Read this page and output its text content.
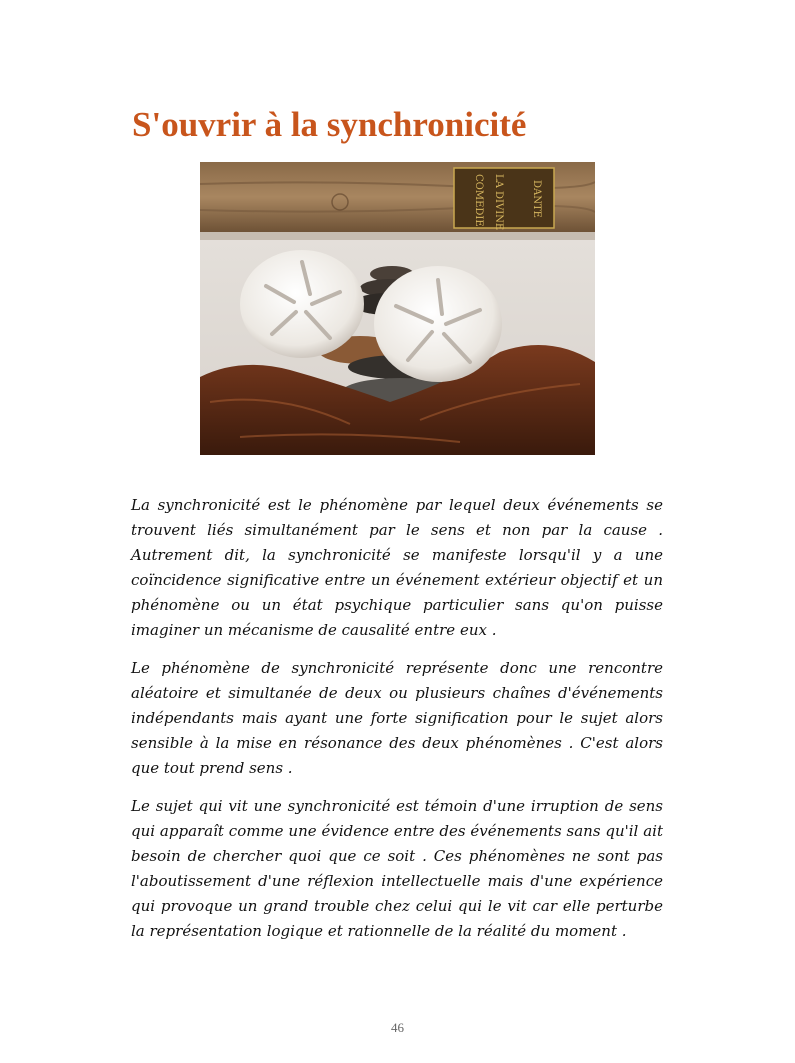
S'ouvrir à la synchronicité
DANTE
LA DIVINE
COMEDIE

La synchronicité est le phénomène par lequel deux événements se trouvent liés simultanément par le sens et non par la cause . Autrement dit, la synchronicité se manifeste lorsqu'il y a une coïncidence significative entre un événement extérieur objectif et un phénomène ou un état psychique particulier sans qu'on puisse imaginer un mécanisme de causalité entre eux .

Le phénomène de synchronicité représente donc une rencontre aléatoire et simultanée de deux ou plusieurs chaînes d'événements indépendants mais ayant une forte signification pour le sujet alors sensible à la mise en résonance des deux phénomènes . C'est alors que tout prend sens .

Le sujet qui vit une synchronicité est témoin d'une irruption de sens qui apparaît comme une évidence entre des événements sans qu'il ait besoin de chercher quoi que ce soit . Ces phénomènes ne sont pas l'aboutissement d'une réflexion intellectuelle mais d'une expérience qui provoque un grand trouble chez celui qui le vit car elle perturbe la représentation logique et rationnelle de la réalité du moment .

46
